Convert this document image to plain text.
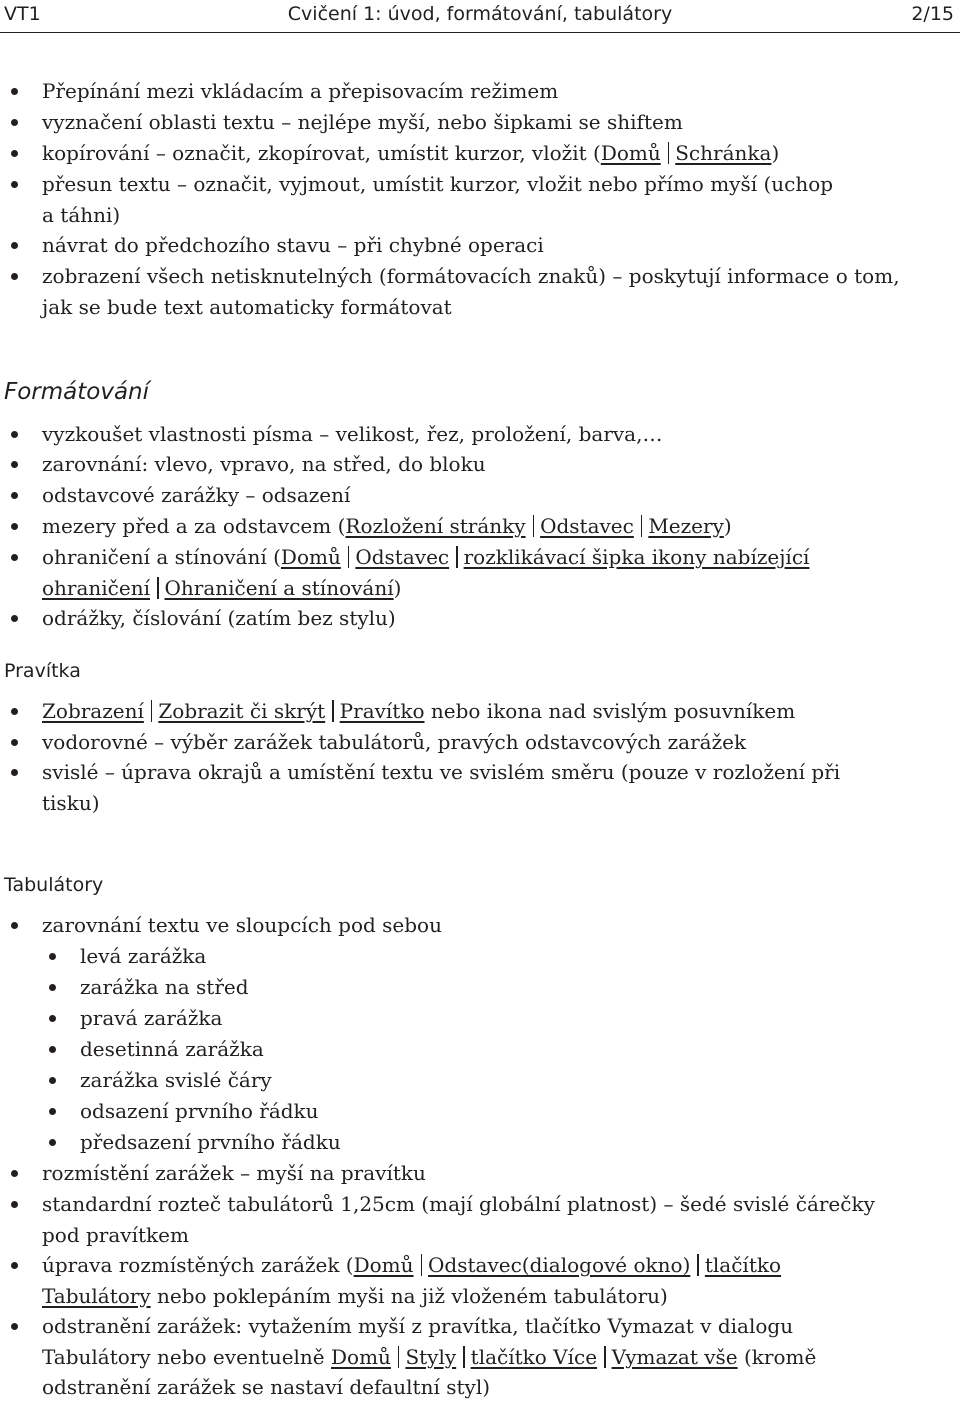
VT1	Cvičení 1: úvod, formátování, tabulátory	2/15
Přepínání mezi vkládacím a přepisovacím režimem
vyznačení oblasti textu – nejlépe myší, nebo šipkami se shiftem
kopírování – označit, zkopírovat, umístit kurzor, vložit (Domů Schránka)
přesun textu – označit, vyjmout, umístit kurzor, vložit nebo přímo myší (uchop
a táhni)
návrat do předchozího stavu – při chybné operaci
zobrazení všech netisknutelných (formátovacích znaků) – poskytují informace o tom,
jak se bude text automaticky formátovat
Formátování
vyzkoušet vlastnosti písma – velikost, řez, proložení, barva,…
zarovnání: vlevo, vpravo, na střed, do bloku
odstavcové zarážky – odsazení
mezery před a za odstavcem (Rozložení stránky Odstavec Mezery)
ohraničení a stínování (Domů Odstavec rozklikávací šipka ikony nabízející
ohraničení Ohraničení a stínování)
odrážky, číslování (zatím bez stylu)
Pravítka
Zobrazení Zobrazit či skrýt Pravítko nebo ikona nad svislým posuvníkem
vodorovné – výběr zarážek tabulátorů, pravých odstavcových zarážek
svislé – úprava okrajů a umístění textu ve svislém směru (pouze v rozložení při
tisku)
Tabulátory
zarovnání textu ve sloupcích pod sebou
levá zarážka
zarážka na střed
pravá zarážka
desetinná zarážka
zarážka svislé čáry
odsazení prvního řádku
předsazení prvního řádku
rozmístění zarážek – myší na pravítku
standardní rozteč tabulátorů 1,25cm (mají globální platnost) – šedé svislé čárečky
pod pravítkem
úprava rozmístěných zarážek (Domů Odstavec(dialogové okno) tlačítko
Tabulátory nebo poklepáním myši na již vloženém tabulátoru)
odstranění zarážek: vytažením myší z pravítka, tlačítko Vymazat v dialogu
Tabulátory nebo eventuelně Domů Styly tlačítko Více Vymazat vše (kromě
odstranění zarážek se nastaví defaultní styl)
